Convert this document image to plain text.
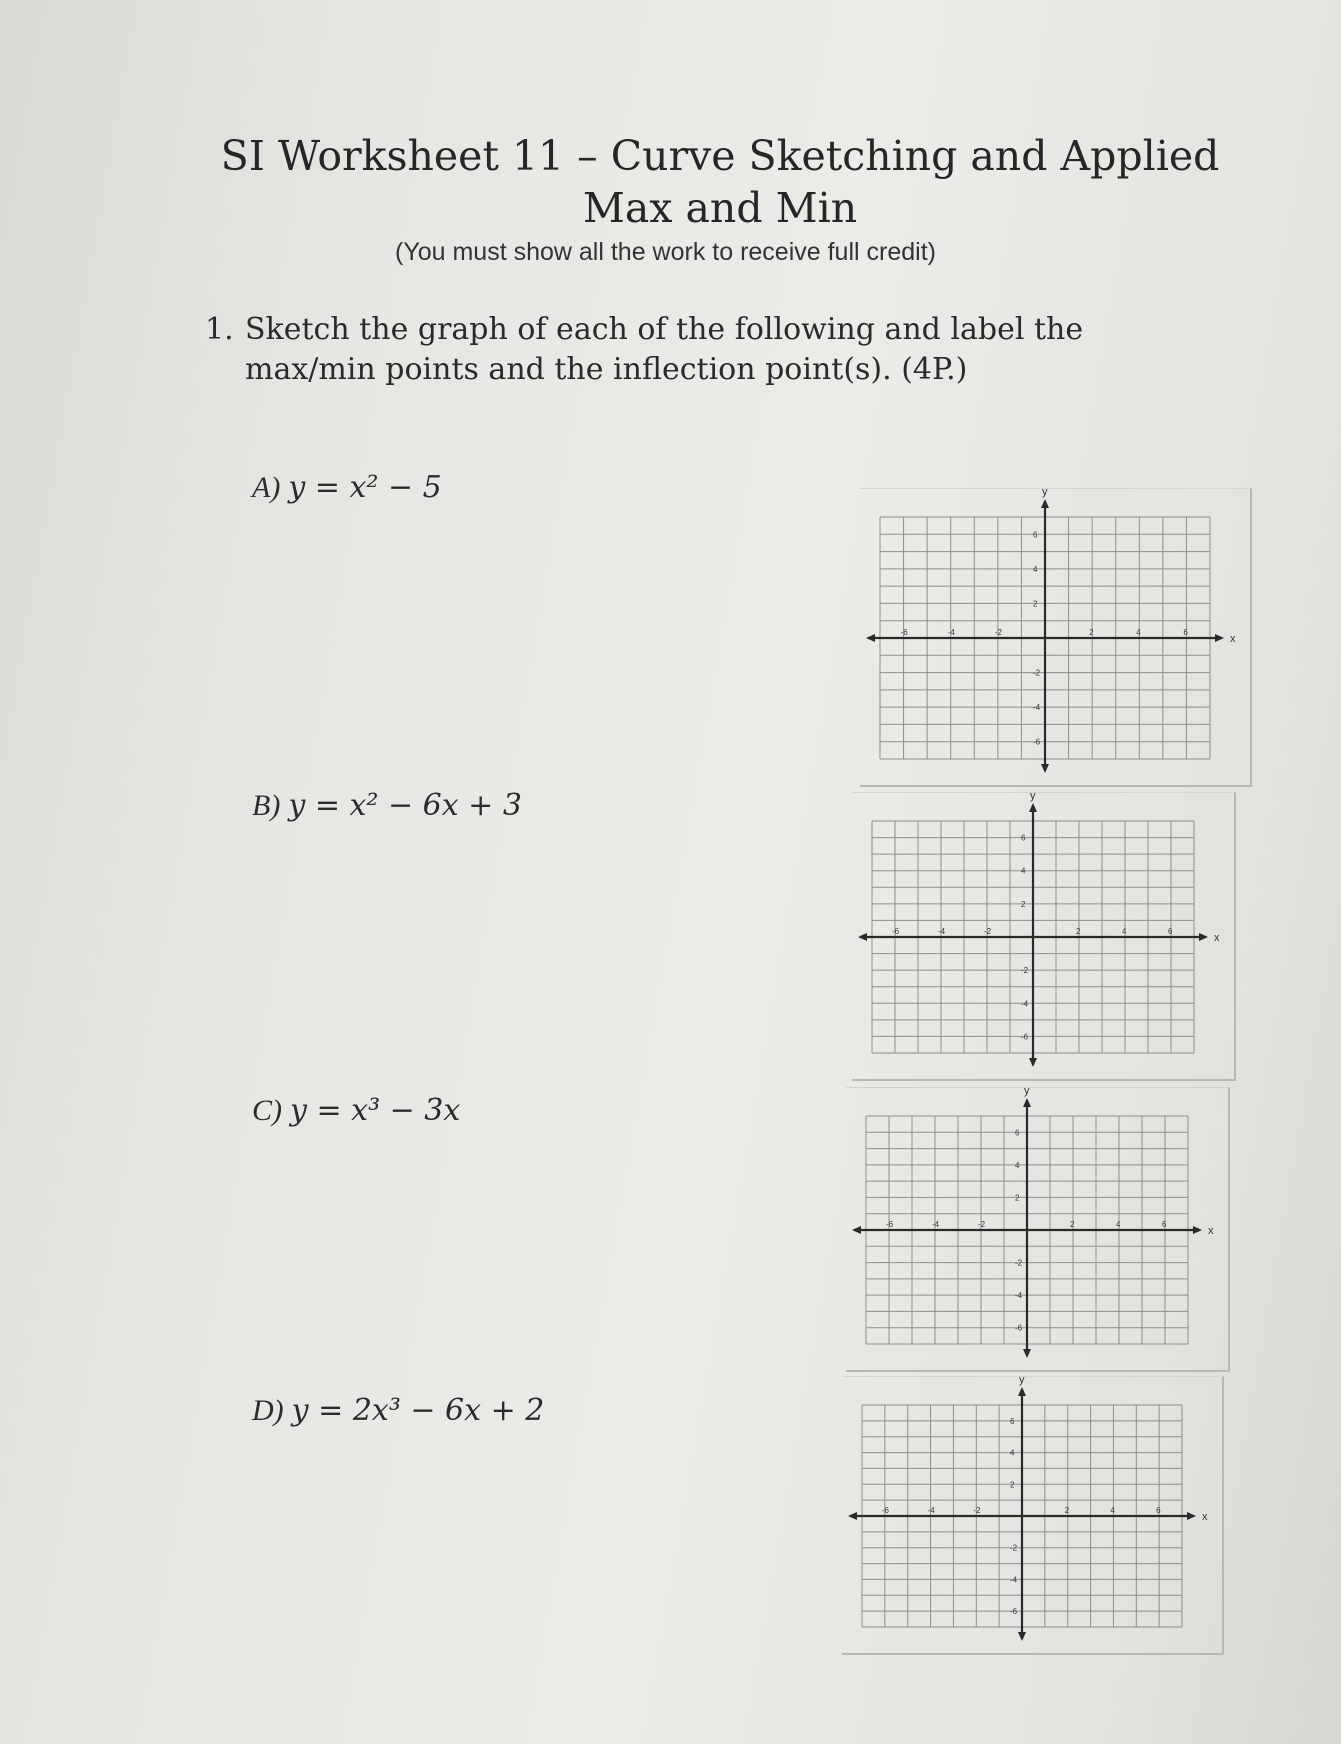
SI Worksheet 11 – Curve Sketching and Applied Max and Min
(You must show all the work to receive full credit)
1. Sketch the graph of each of the following and label the max/min points and the inflection point(s). (4P.)
A) y = x² − 5
B) y = x² − 6x + 3
C) y = x³ − 3x
D) y = 2x³ − 6x + 2
x
y
-6	-4	-2	2	4	6
6
4
2
-2
-4
-6
x
y
-6	-4	-2	2	4	6
6
4
2
-2
-4
-6
x
y
-6	-4	-2	2	4	6
6
4
2
-2
-4
-6
x
y
-6	-4	-2	2	4	6
6
4
2
-2
-4
-6
